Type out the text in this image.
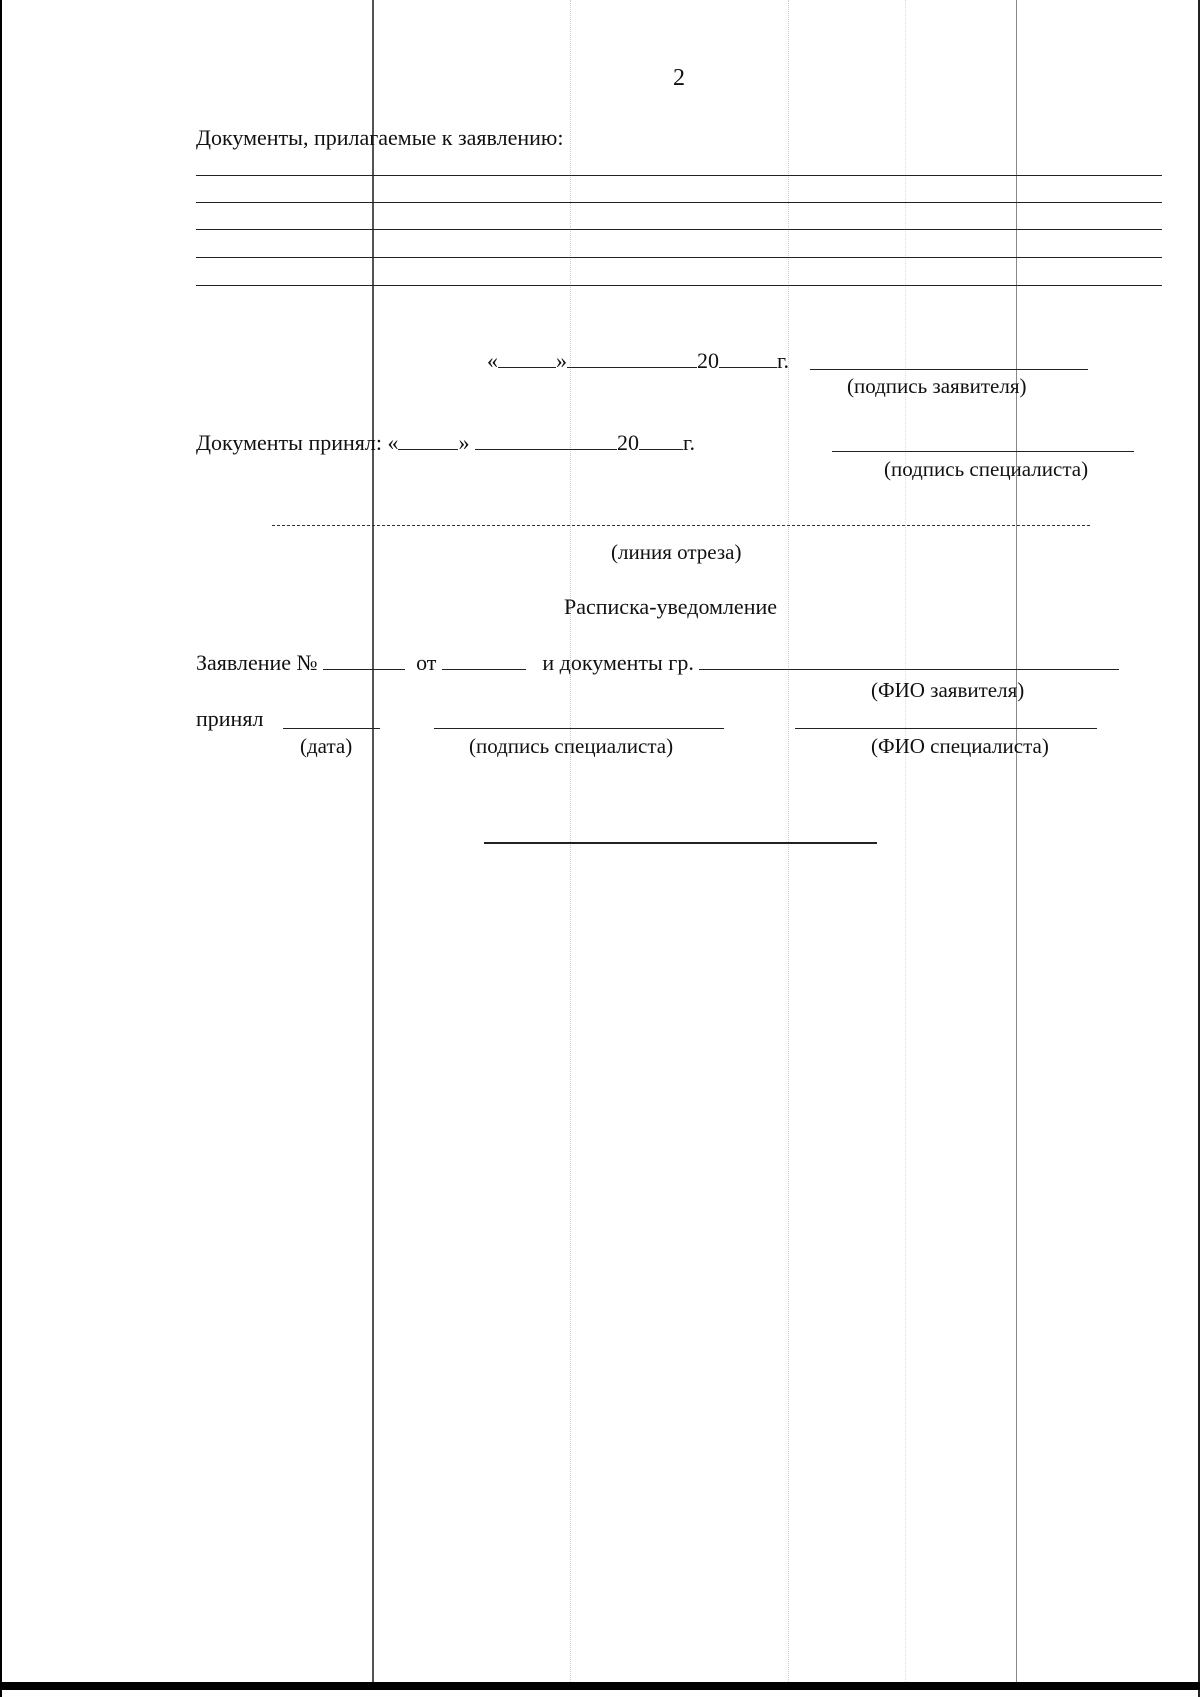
2
Документы, прилагаемые к заявлению:
«	»	20	г.
(подпись заявителя)
Документы принял: «	»	20 г.
(подпись специалиста)
(линия отреза)
Расписка-уведомление
Заявление №	от	и документы гр.
(ФИО заявителя)
принял
(дата)	(подпись специалиста)	(ФИО специалиста)
